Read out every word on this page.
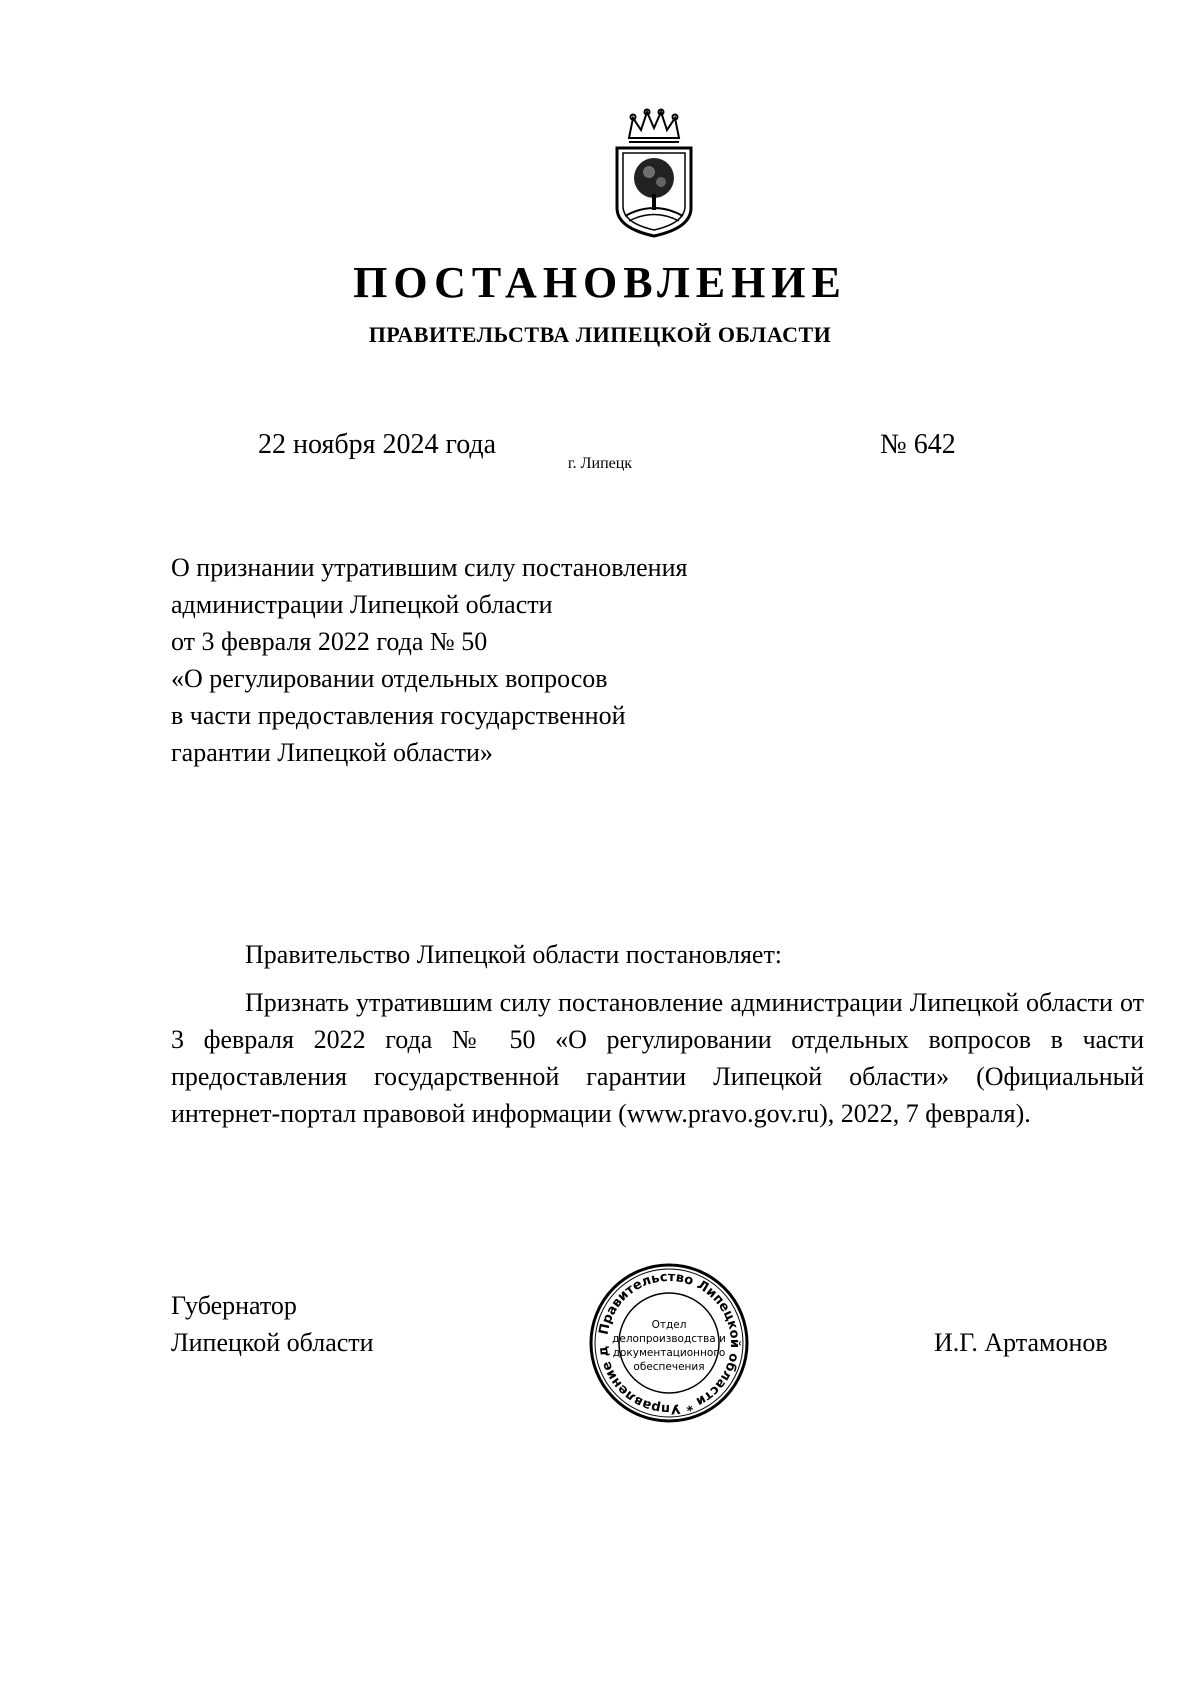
ПОСТАНОВЛЕНИЕ
ПРАВИТЕЛЬСТВА ЛИПЕЦКОЙ ОБЛАСТИ
22 ноября 2024 года
г. Липецк
№ 642
О признании утратившим силу постановления
администрации Липецкой области
от 3 февраля 2022 года № 50
«О регулировании отдельных вопросов
в части предоставления государственной
гарантии Липецкой области»
Правительство Липецкой области постановляет:
Признать утратившим силу постановление администрации Липецкой области от 3 февраля 2022 года № 50 «О регулировании отдельных вопросов в части предоставления государственной гарантии Липецкой области» (Официальный интернет-портал правовой информации (www.pravo.gov.ru), 2022, 7 февраля).
Губернатор
Липецкой области	Правительство Липецкой области * Управление д
Отдел
делопроизводства и
документационного
обеспечения
И.Г. Артамонов
